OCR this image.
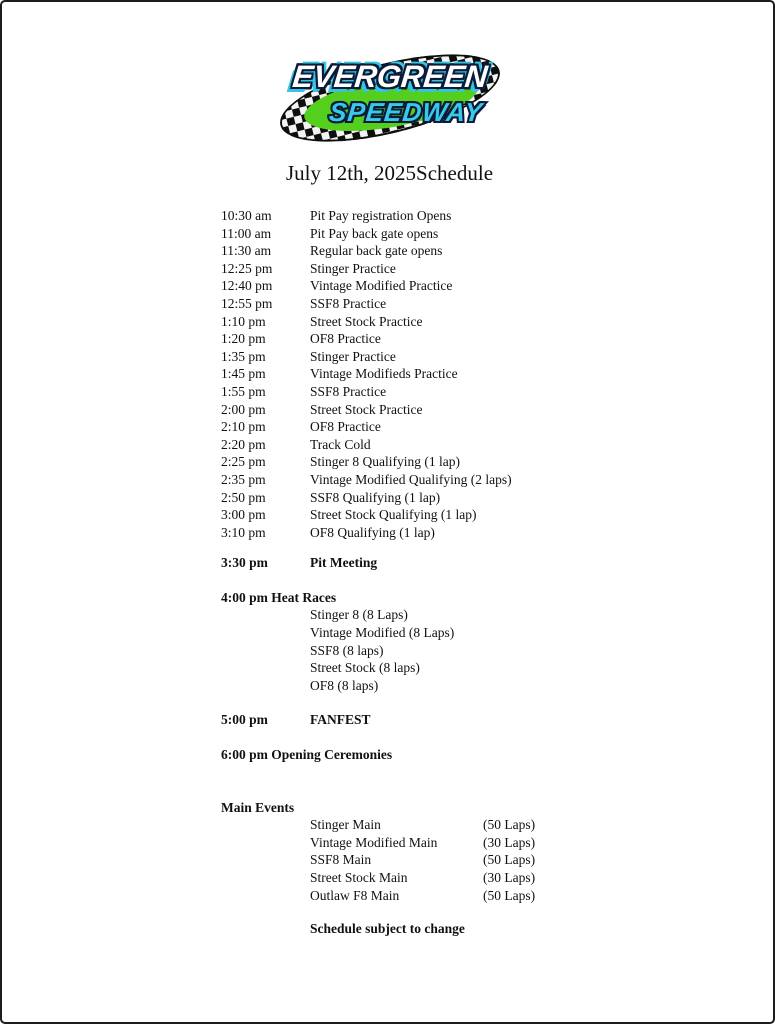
EVERGREEN
SPEEDWAY
July 12th, 2025Schedule
10:30 am	Pit Pay registration Opens
11:00 am	Pit Pay back gate opens
11:30 am	Regular back gate opens
12:25 pm	Stinger Practice
12:40 pm	Vintage Modified Practice
12:55 pm	SSF8 Practice
1:10 pm	Street Stock Practice
1:20 pm	OF8 Practice
1:35 pm	Stinger Practice
1:45 pm	Vintage Modifieds Practice
1:55 pm	SSF8 Practice
2:00 pm	Street Stock Practice
2:10 pm	OF8 Practice
2:20 pm	Track Cold
2:25 pm	Stinger 8 Qualifying (1 lap)
2:35 pm	Vintage Modified Qualifying (2 laps)
2:50 pm	SSF8 Qualifying (1 lap)
3:00 pm	Street Stock Qualifying (1 lap)
3:10 pm	OF8 Qualifying (1 lap)
3:30 pm	Pit Meeting
4:00 pm Heat Races
Stinger 8 (8 Laps)
Vintage Modified (8 Laps)
SSF8 (8 laps)
Street Stock (8 laps)
OF8 (8 laps)
5:00 pm	FANFEST
6:00 pm Opening Ceremonies
Main Events
Stinger Main	(50 Laps)
Vintage Modified Main	(30 Laps)
SSF8 Main	(50 Laps)
Street Stock Main	(30 Laps)
Outlaw F8 Main	(50 Laps)
Schedule subject to change
